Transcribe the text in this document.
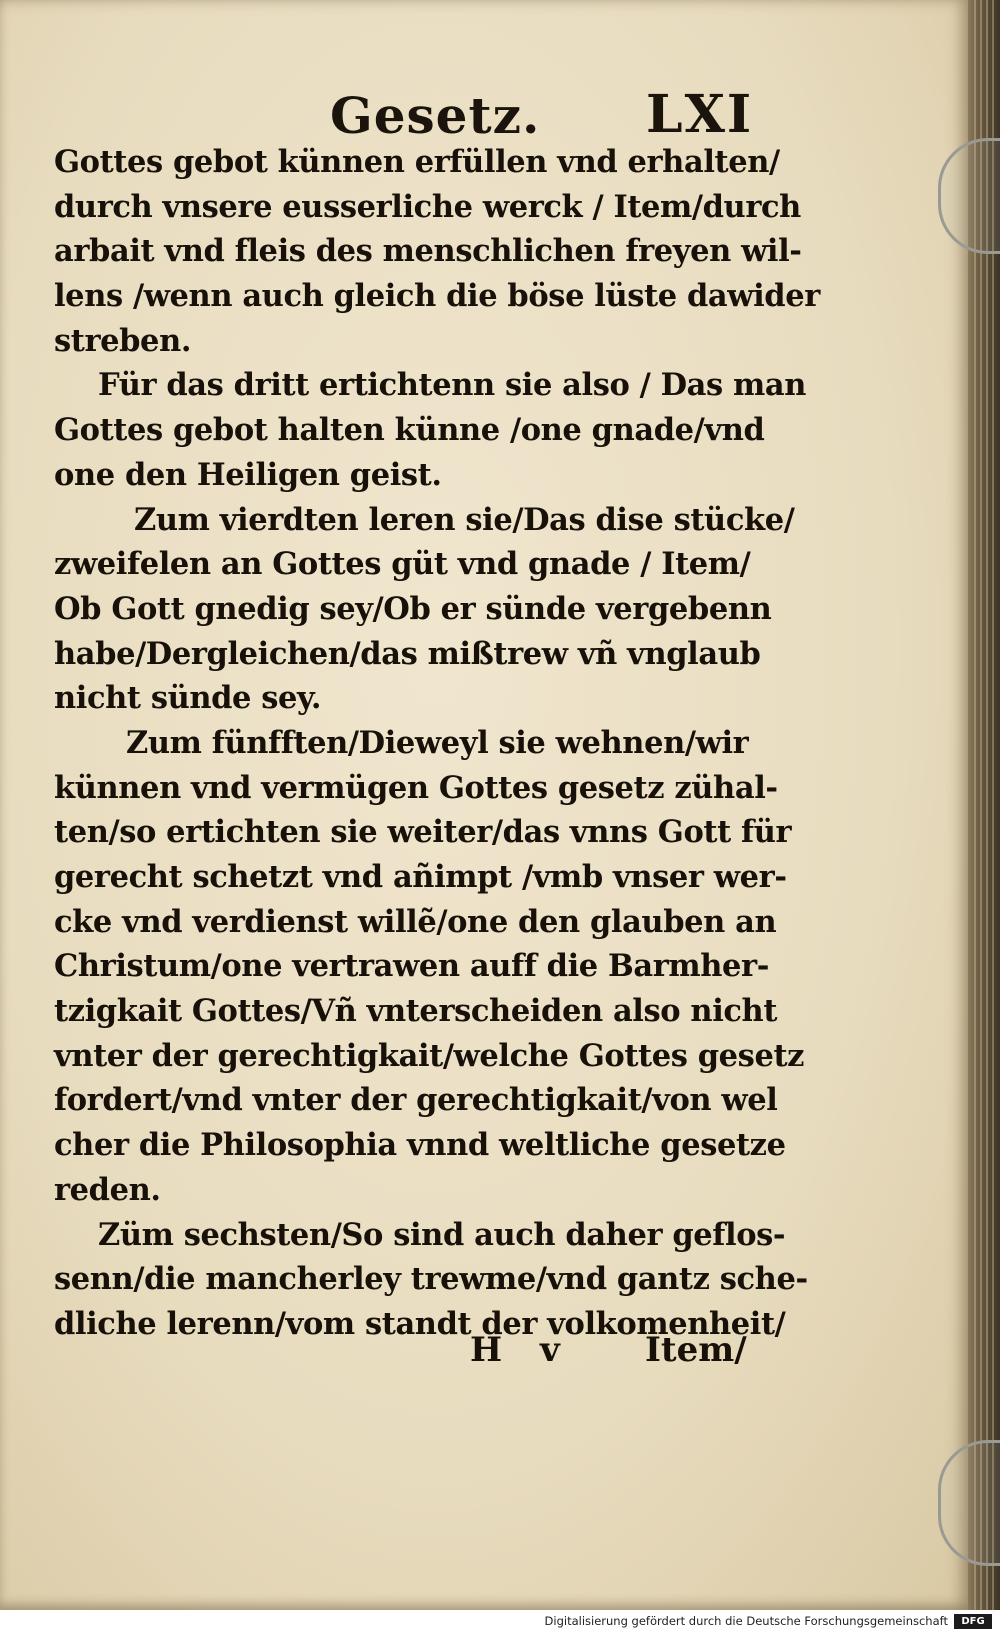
Gesetz. LXI
Gottes gebot künnen erfüllen vnd erhalten/
durch vnsere eusserliche werck / Item/durch
arbait vnd fleis des menschlichen freyen wil-
lens /wenn auch gleich die böse lüste dawider
streben.
Für das dritt ertichtenn sie also / Das man
Gottes gebot halten künne /one gnade/vnd
one den Heiligen geist.
Zum vierdten leren sie/Das dise stücke/
zweifelen an Gottes güt vnd gnade / Item/
Ob Gott gnedig sey/Ob er sünde vergebenn
habe/Dergleichen/das mißtrew vñ vnglaub
nicht sünde sey.
Zum fünfften/Dieweyl sie wehnen/wir
künnen vnd vermügen Gottes gesetz zühal-
ten/so ertichten sie weiter/das vnns Gott für
gerecht schetzt vnd añimpt /vmb vnser wer-
cke vnd verdienst willẽ/one den glauben an
Christum/one vertrawen auff die Barmher-
tzigkait Gottes/Vñ vnterscheiden also nicht
vnter der gerechtigkait/welche Gottes gesetz
fordert/vnd vnter der gerechtigkait/von wel
cher die Philosophia vnnd weltliche gesetze
reden.
Züm sechsten/So sind auch daher geflos-
senn/die mancherley trewme/vnd gantz sche-
dliche lerenn/vom standt der volkomenheit/
H v	Item/
Digitalisierung gefördert durch die Deutsche Forschungsgemeinschaft	DFG
